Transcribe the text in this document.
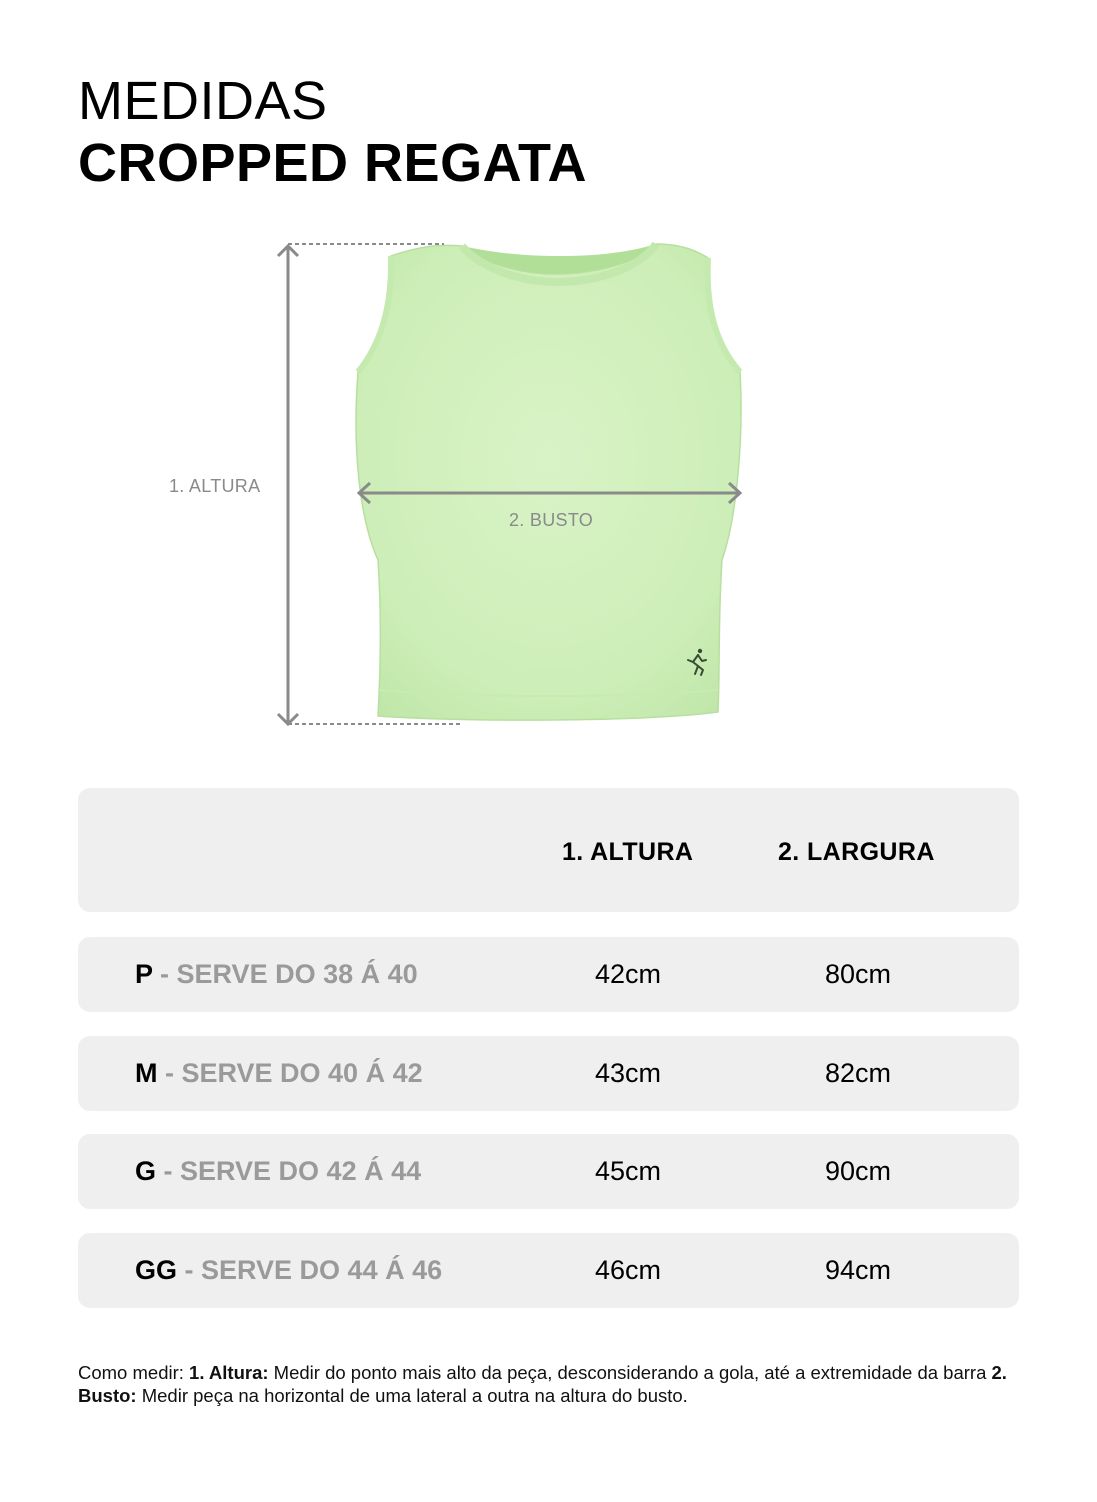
MEDIDAS
CROPPED REGATA
1. ALTURA
2. BUSTO
1. ALTURA	2. LARGURA
P - SERVE DO 38 Á 40	42cm	80cm
M - SERVE DO 40 Á 42	43cm	82cm
G - SERVE DO 42 Á 44	45cm	90cm
GG - SERVE DO 44 Á 46	46cm	94cm

Como medir: 1. Altura: Medir do ponto mais alto da peça, desconsiderando a gola, até a extremidade da barra 2. Busto: Medir peça na horizontal de uma lateral a outra na altura do busto.
